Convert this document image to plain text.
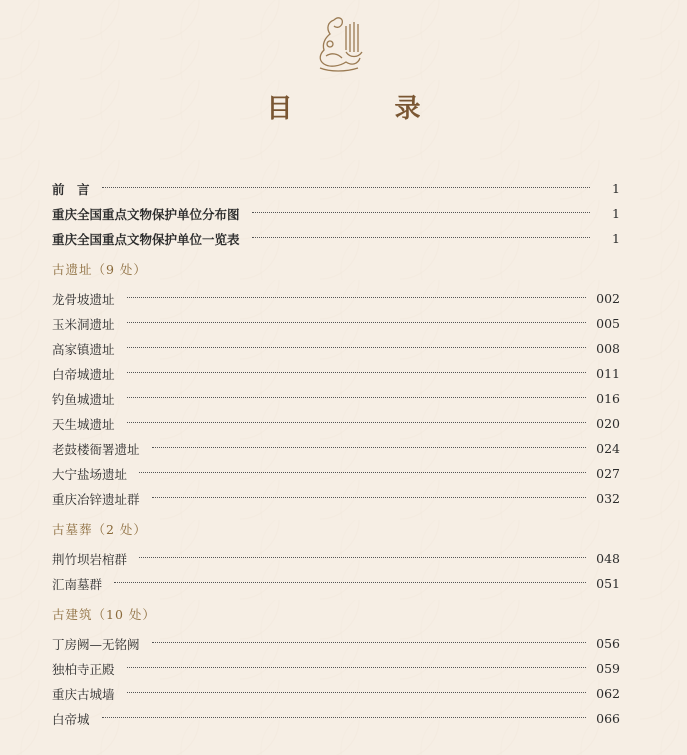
目　录
前　言	1
重庆全国重点文物保护单位分布图	1
重庆全国重点文物保护单位一览表	1
古遗址（9 处）
龙骨坡遗址	002
玉米洞遗址	005
高家镇遗址	008
白帝城遗址	011
钓鱼城遗址	016
天生城遗址	020
老鼓楼衙署遗址	024
大宁盐场遗址	027
重庆冶锌遗址群	032
古墓葬（2 处）
荆竹坝岩棺群	048
汇南墓群	051
古建筑（10 处）
丁房阙—无铭阙	056
独柏寺正殿	059
重庆古城墙	062
白帝城	066
